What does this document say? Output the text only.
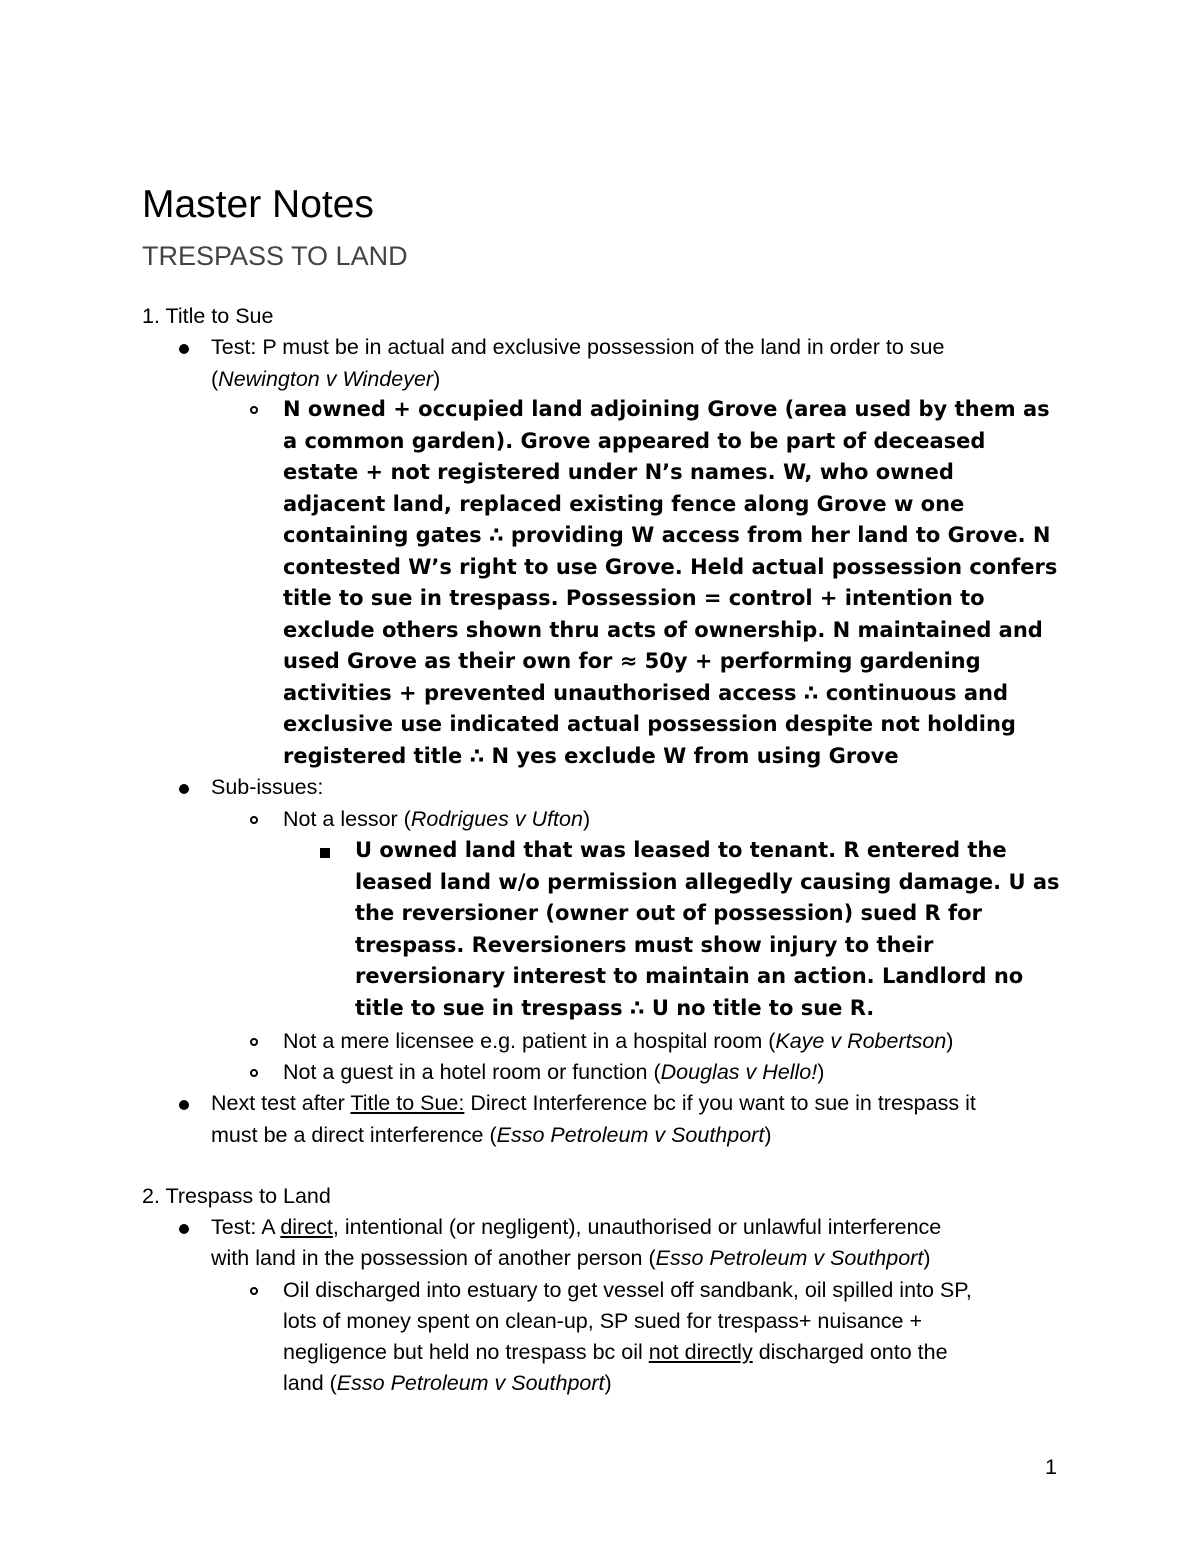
Master Notes
TRESPASS TO LAND
1. Title to Sue
Test: P must be in actual and exclusive possession of the land in order to sue
(Newington v Windeyer)
N owned + occupied land adjoining Grove (area used by them as
a common garden). Grove appeared to be part of deceased
estate + not registered under N’s names. W, who owned
adjacent land, replaced existing fence along Grove w one
containing gates ∴ providing W access from her land to Grove. N
contested W’s right to use Grove. Held actual possession confers
title to sue in trespass. Possession = control + intention to
exclude others shown thru acts of ownership. N maintained and
used Grove as their own for ≈ 50y + performing gardening
activities + prevented unauthorised access ∴ continuous and
exclusive use indicated actual possession despite not holding
registered title ∴ N yes exclude W from using Grove
Sub-issues:
Not a lessor (Rodrigues v Ufton)
U owned land that was leased to tenant. R entered the
leased land w/o permission allegedly causing damage. U as
the reversioner (owner out of possession) sued R for
trespass. Reversioners must show injury to their
reversionary interest to maintain an action. Landlord no
title to sue in trespass ∴ U no title to sue R.
Not a mere licensee e.g. patient in a hospital room (Kaye v Robertson)
Not a guest in a hotel room or function (Douglas v Hello!)
Next test after Title to Sue: Direct Interference bc if you want to sue in trespass it
must be a direct interference (Esso Petroleum v Southport)
2. Trespass to Land
Test: A direct, intentional (or negligent), unauthorised or unlawful interference
with land in the possession of another person (Esso Petroleum v Southport)
Oil discharged into estuary to get vessel off sandbank, oil spilled into SP,
lots of money spent on clean-up, SP sued for trespass+ nuisance +
negligence but held no trespass bc oil not directly discharged onto the
land (Esso Petroleum v Southport)
1
